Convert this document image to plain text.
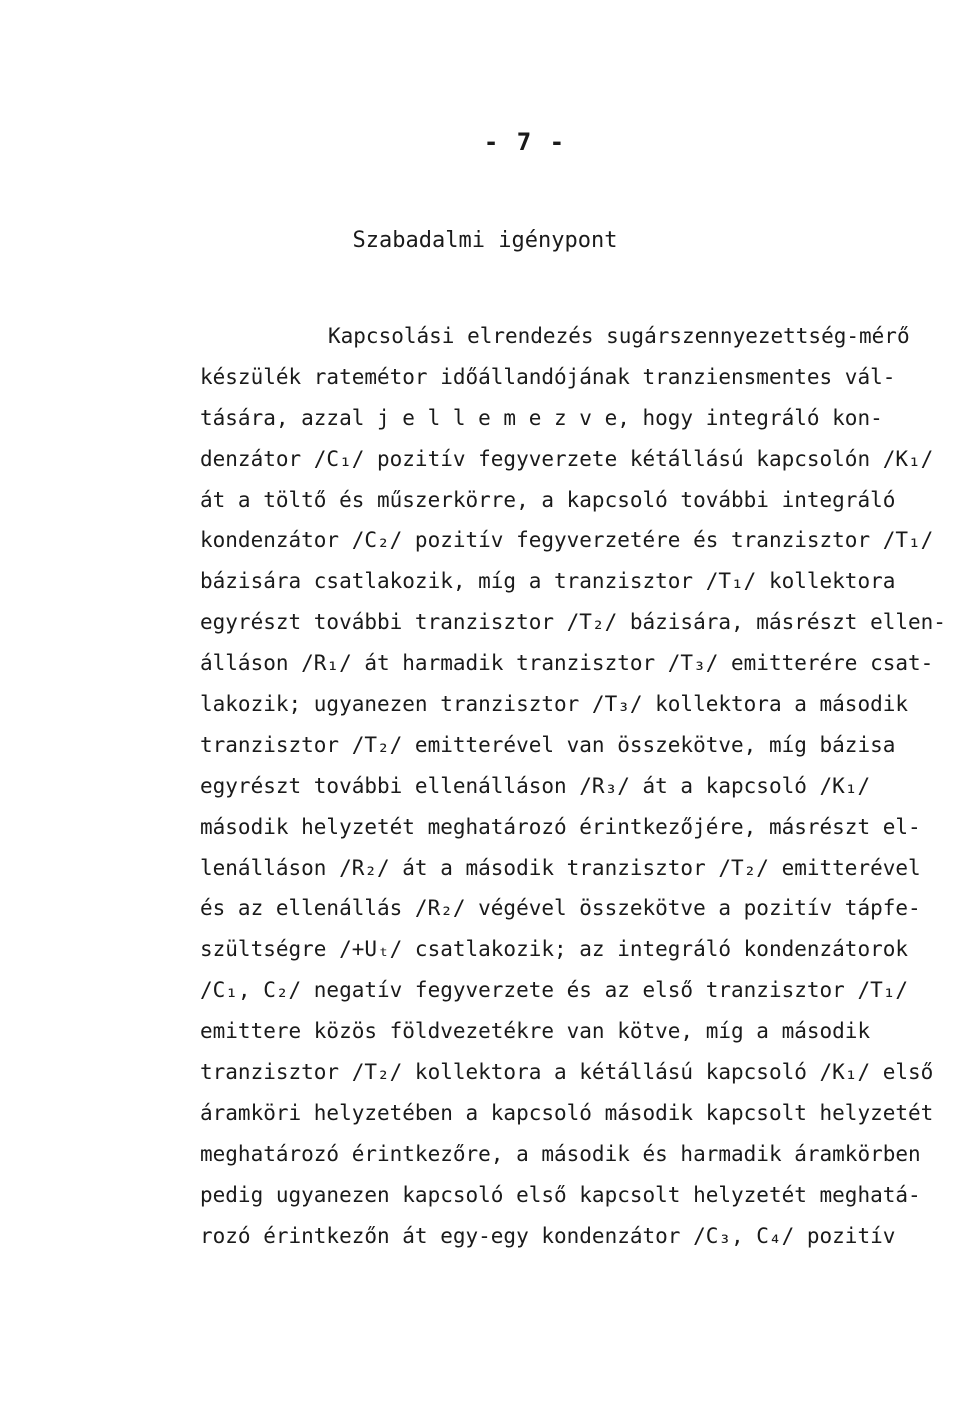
- 7 -
Szabadalmi igénypont
Kapcsolási elrendezés sugárszennyezettség-mérő
készülék ratemétor időállandójának tranziensmentes vál-
tására, azzal j e l l e m e z v e, hogy integráló kon-
denzátor /C₁/ pozitív fegyverzete kétállású kapcsolón /K₁/
át a töltő és műszerkörre, a kapcsoló további integráló
kondenzátor /C₂/ pozitív fegyverzetére és tranzisztor /T₁/
bázisára csatlakozik, míg a tranzisztor /T₁/ kollektora
egyrészt további tranzisztor /T₂/ bázisára, másrészt ellen-
álláson /R₁/ át harmadik tranzisztor /T₃/ emitterére csat-
lakozik; ugyanezen tranzisztor /T₃/ kollektora a második
tranzisztor /T₂/ emitterével van összekötve, míg bázisa
egyrészt további ellenálláson /R₃/ át a kapcsoló /K₁/
második helyzetét meghatározó érintkezőjére, másrészt el-
lenálláson /R₂/ át a második tranzisztor /T₂/ emitterével
és az ellenállás /R₂/ végével összekötve a pozitív tápfe-
szültségre /+Uₜ/ csatlakozik; az integráló kondenzátorok
/C₁, C₂/ negatív fegyverzete és az első tranzisztor /T₁/
emittere közös földvezetékre van kötve, míg a második
tranzisztor /T₂/ kollektora a kétállású kapcsoló /K₁/ első
áramköri helyzetében a kapcsoló második kapcsolt helyzetét
meghatározó érintkezőre, a második és harmadik áramkörben
pedig ugyanezen kapcsoló első kapcsolt helyzetét meghatá-
rozó érintkezőn át egy-egy kondenzátor /C₃, C₄/ pozitív
